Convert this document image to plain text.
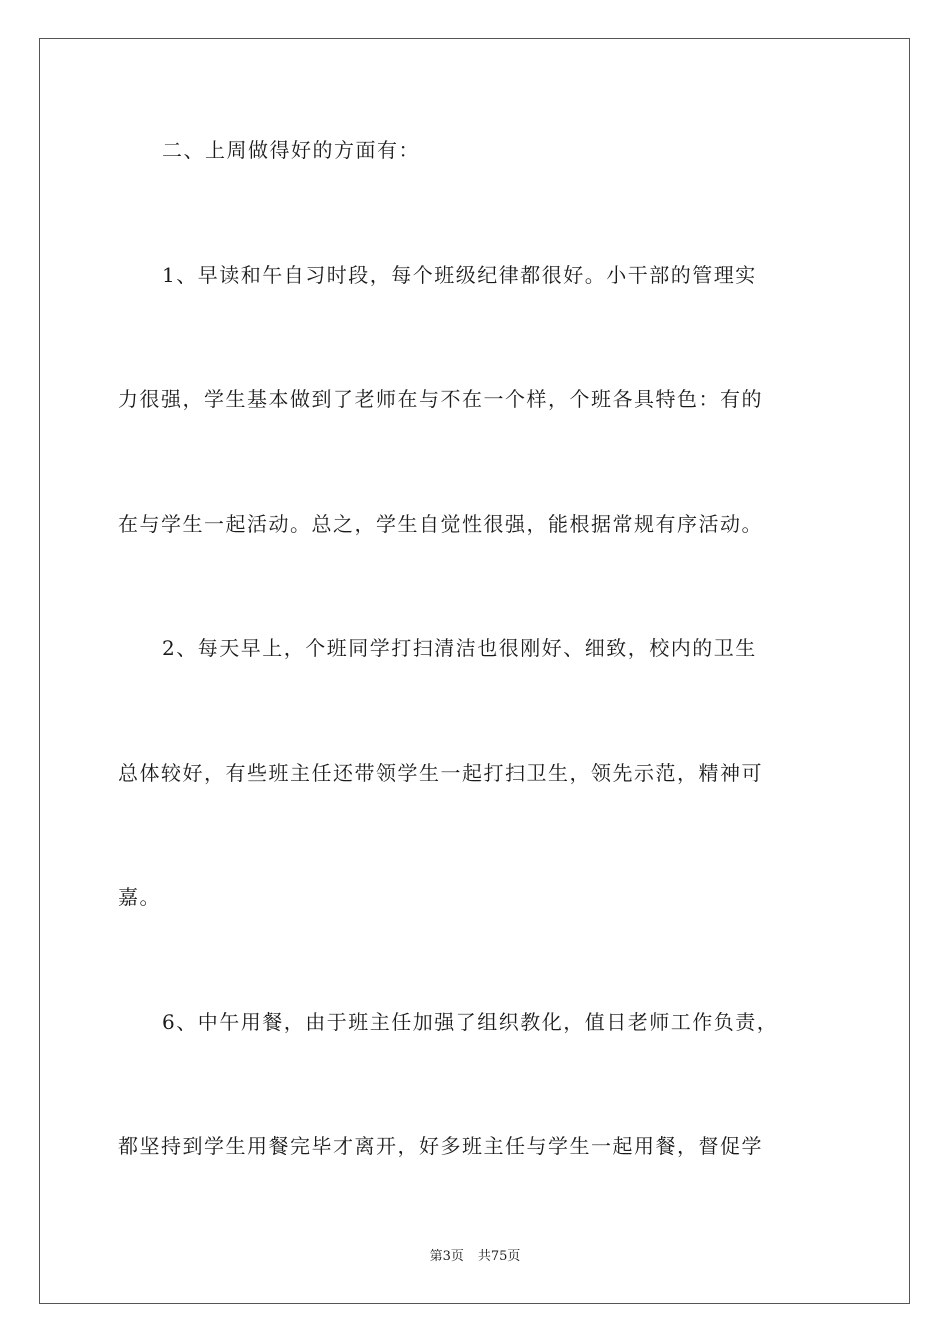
二、上周做得好的方面有：
1、早读和午自习时段，每个班级纪律都很好。小干部的管理实
力很强，学生基本做到了老师在与不在一个样，个班各具特色：有的
在与学生一起活动。总之，学生自觉性很强，能根据常规有序活动。
2、每天早上，个班同学打扫清洁也很刚好、细致，校内的卫生
总体较好，有些班主任还带领学生一起打扫卫生，领先示范，精神可
嘉。
6、中午用餐，由于班主任加强了组织教化，值日老师工作负责，
都坚持到学生用餐完毕才离开，好多班主任与学生一起用餐，督促学
第3页 共75页
